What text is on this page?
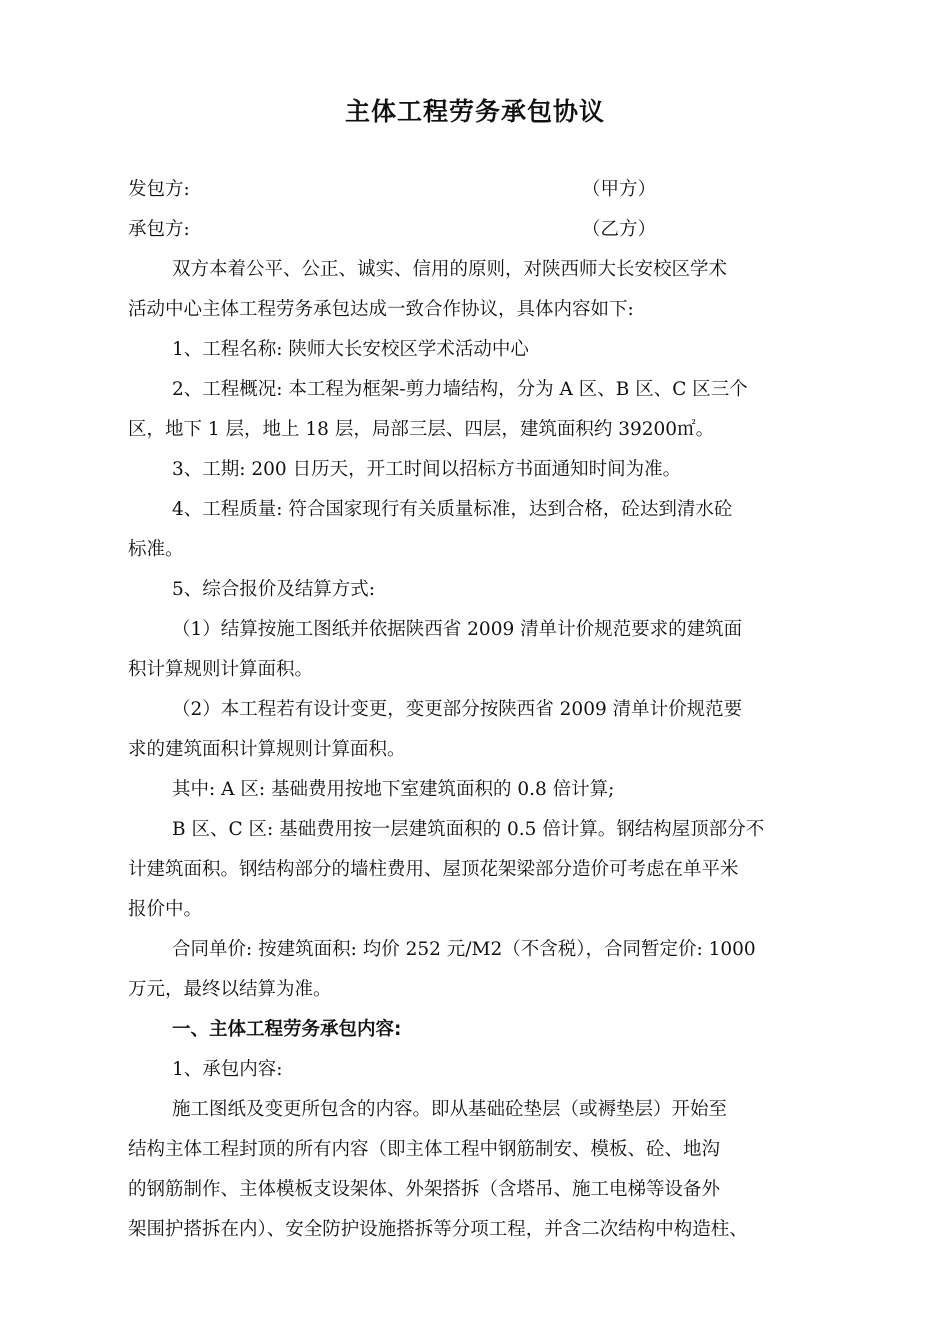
主体工程劳务承包协议
发包方:	（甲方）
承包方:	（乙方）
双方本着公平、公正、诚实、信用的原则，对陕西师大长安校区学术
活动中心主体工程劳务承包达成一致合作协议，具体内容如下:
1、工程名称: 陕师大长安校区学术活动中心
2、工程概况: 本工程为框架-剪力墙结构，分为 A 区、B 区、C 区三个
区，地下 1 层，地上 18 层，局部三层、四层，建筑面积约 39200㎡。
3、工期: 200 日历天，开工时间以招标方书面通知时间为准。
4、工程质量: 符合国家现行有关质量标准，达到合格，砼达到清水砼
标准。
5、综合报价及结算方式:
（1）结算按施工图纸并依据陕西省 2009 清单计价规范要求的建筑面
积计算规则计算面积。
（2）本工程若有设计变更，变更部分按陕西省 2009 清单计价规范要
求的建筑面积计算规则计算面积。
其中: A 区: 基础费用按地下室建筑面积的 0.8 倍计算;
B 区、C 区: 基础费用按一层建筑面积的 0.5 倍计算。钢结构屋顶部分不
计建筑面积。钢结构部分的墙柱费用、屋顶花架梁部分造价可考虑在单平米
报价中。
合同单价: 按建筑面积: 均价 252 元/M2（不含税），合同暂定价: 1000
万元，最终以结算为准。
一、主体工程劳务承包内容:
1、承包内容:
施工图纸及变更所包含的内容。即从基础砼垫层（或褥垫层）开始至
结构主体工程封顶的所有内容（即主体工程中钢筋制安、模板、砼、地沟
的钢筋制作、主体模板支设架体、外架搭拆（含塔吊、施工电梯等设备外
架围护搭拆在内）、安全防护设施搭拆等分项工程，并含二次结构中构造柱、
